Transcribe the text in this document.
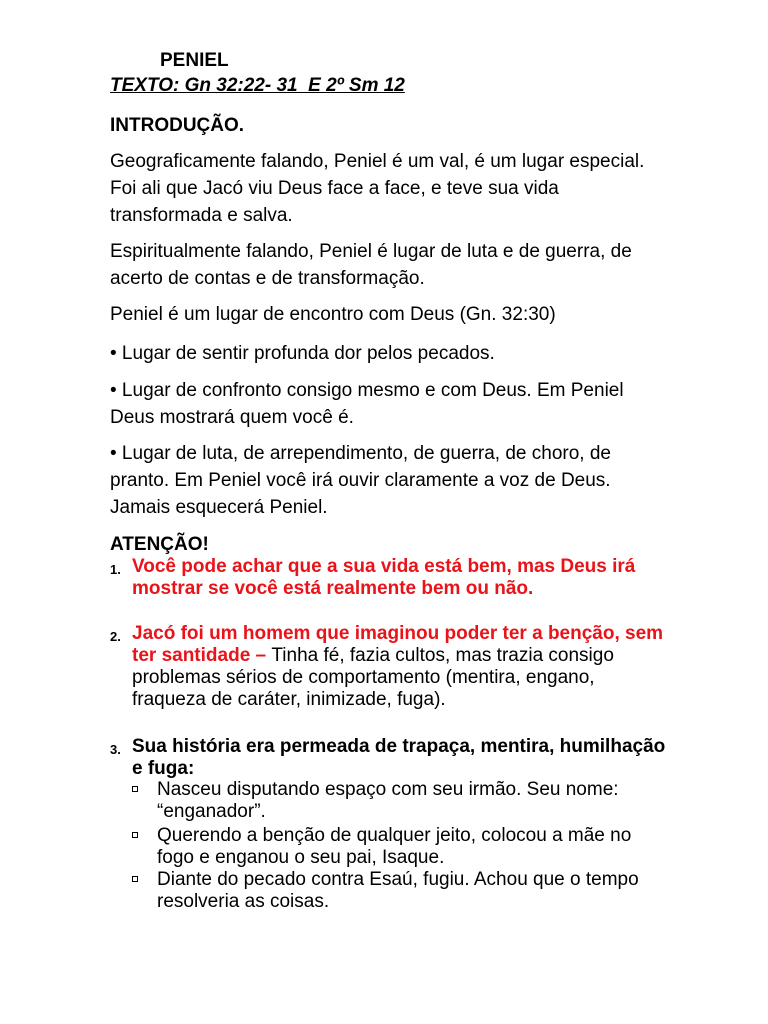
PENIEL
TEXTO: Gn 32:22- 31  E 2º Sm 12
INTRODUÇÃO.
Geograficamente falando, Peniel é um val, é um lugar especial. Foi ali que Jacó viu Deus face a face, e teve sua vida transformada e salva.
Espiritualmente falando, Peniel é lugar de luta e de guerra, de acerto de contas e de transformação.
Peniel é um lugar de encontro com Deus (Gn. 32:30)
• Lugar de sentir profunda dor pelos pecados.
• Lugar de confronto consigo mesmo e com Deus. Em Peniel Deus mostrará quem você é.
• Lugar de luta, de arrependimento, de guerra, de choro, de pranto. Em Peniel você irá ouvir claramente a voz de Deus. Jamais esquecerá Peniel.
ATENÇÃO!
1. Você pode achar que a sua vida está bem, mas Deus irá mostrar se você está realmente bem ou não.
2. Jacó foi um homem que imaginou poder ter a benção, sem ter santidade – Tinha fé, fazia cultos, mas trazia consigo problemas sérios de comportamento (mentira, engano, fraqueza de caráter, inimizade, fuga).
3. Sua história era permeada de trapaça, mentira, humilhação e fuga:
Nasceu disputando espaço com seu irmão. Seu nome: “enganador”.
Querendo a benção de qualquer jeito, colocou a mãe no fogo e enganou o seu pai, Isaque.
Diante do pecado contra Esaú, fugiu. Achou que o tempo resolveria as coisas.
